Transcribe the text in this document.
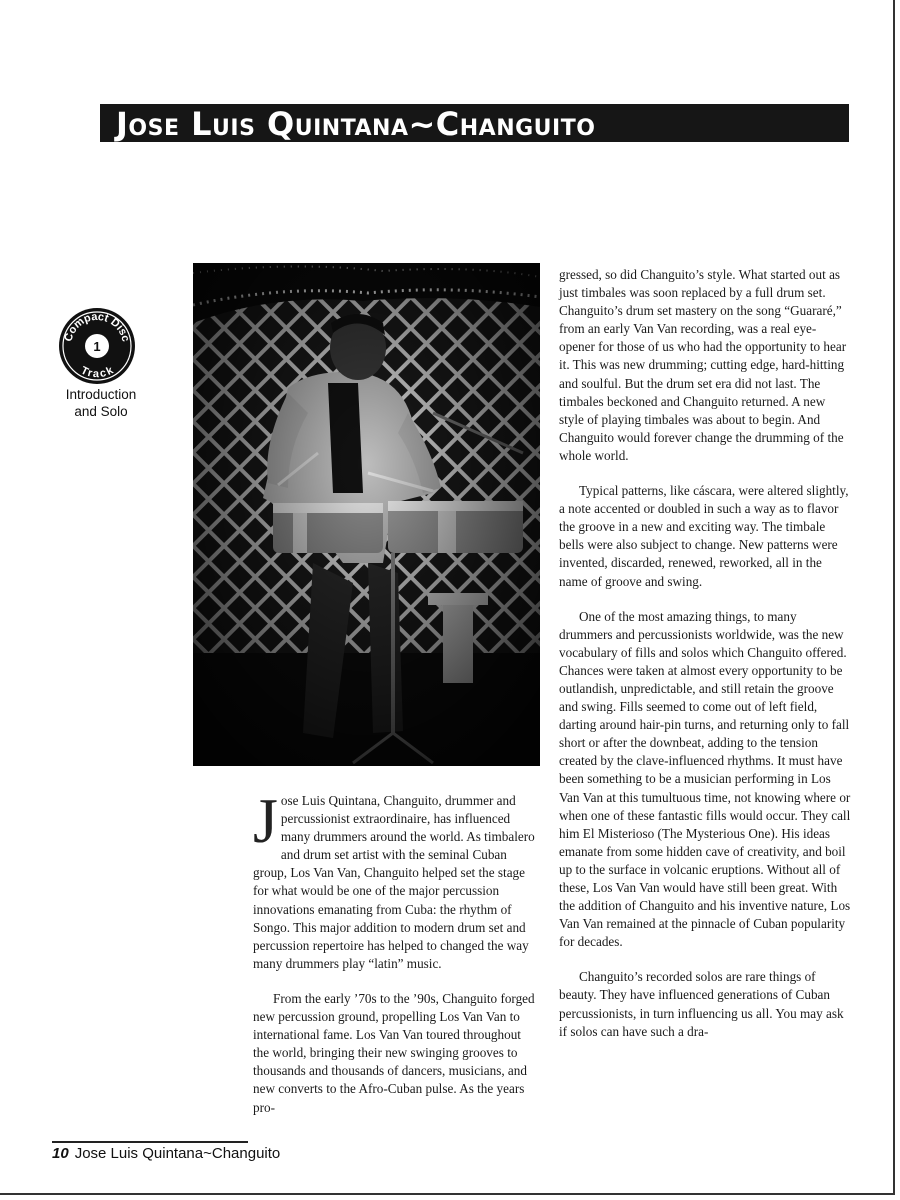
Jose Luis Quintana~Changuito
Compact Disc
1
Track
Introduction
and Solo

Jose Luis Quintana, Changuito, drummer and percussionist extraordinaire, has influenced many drummers around the world. As timbalero and drum set artist with the seminal Cuban group, Los Van Van, Changuito helped set the stage for what would be one of the major percussion innovations emanating from Cuba: the rhythm of Songo. This major addition to modern drum set and percussion repertoire has helped to changed the way many drummers play “latin” music.

From the early ’70s to the ’90s, Changuito forged new percussion ground, propelling Los Van Van to international fame. Los Van Van toured throughout the world, bringing their new swinging grooves to thousands and thousands of dancers, musicians, and new converts to the Afro-Cuban pulse. As the years pro-

gressed, so did Changuito’s style. What started out as just timbales was soon replaced by a full drum set. Changuito’s drum set mastery on the song “Guararé,” from an early Van Van recording, was a real eye-opener for those of us who had the opportunity to hear it. This was new drumming; cutting edge, hard-hitting and soulful. But the drum set era did not last. The timbales beckoned and Changuito returned. A new style of playing timbales was about to begin. And Changuito would forever change the drumming of the whole world.

Typical patterns, like cáscara, were altered slightly, a note accented or doubled in such a way as to flavor the groove in a new and exciting way. The timbale bells were also subject to change. New patterns were invented, discarded, renewed, reworked, all in the name of groove and swing.

One of the most amazing things, to many drummers and percussionists worldwide, was the new vocabulary of fills and solos which Changuito offered. Chances were taken at almost every opportunity to be outlandish, unpredictable, and still retain the groove and swing. Fills seemed to come out of left field, darting around hair-pin turns, and returning only to fall short or after the downbeat, adding to the tension created by the clave-influenced rhythms. It must have been something to be a musician performing in Los Van Van at this tumultuous time, not knowing where or when one of these fantastic fills would occur. They call him El Misterioso (The Mysterious One). His ideas emanate from some hidden cave of creativity, and boil up to the surface in volcanic eruptions. Without all of these, Los Van Van would have still been great. With the addition of Changuito and his inventive nature, Los Van Van remained at the pinnacle of Cuban popularity for decades.

Changuito’s recorded solos are rare things of beauty. They have influenced generations of Cuban percussionists, in turn influencing us all. You may ask if solos can have such a dra-

10 Jose Luis Quintana~Changuito
